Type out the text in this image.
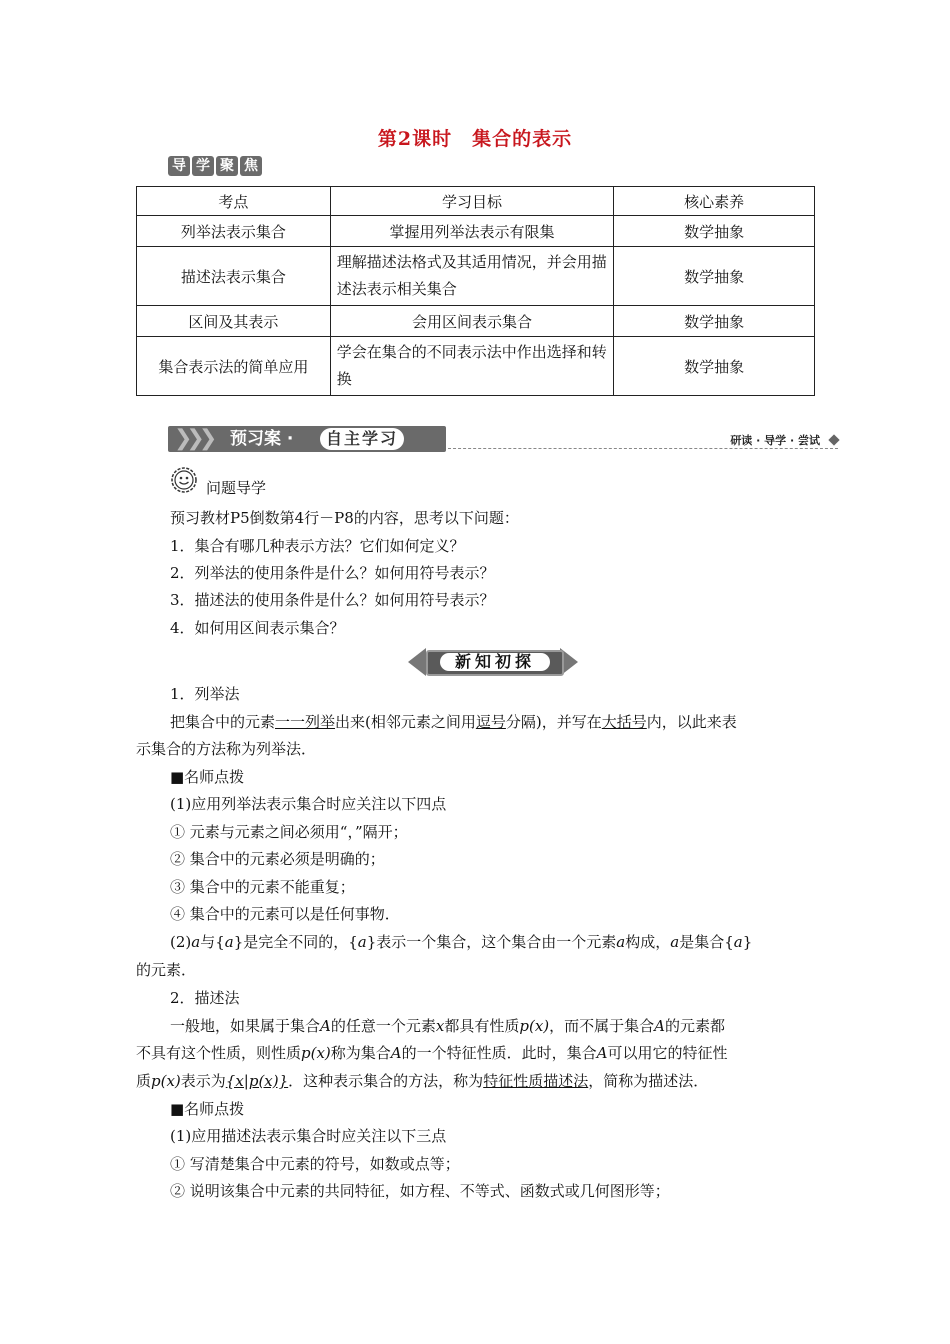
第2课时　集合的表示
导 学 聚 焦
考点	学习目标	核心素养
列举法表示集合	掌握用列举法表示有限集	数学抽象
描述法表示集合	理解描述法格式及其适用情况，并会用描述法表示相关集合	数学抽象
区间及其表示	会用区间表示集合	数学抽象
集合表示法的简单应用	学会在集合的不同表示法中作出选择和转换	数学抽象
❯❯❯ 预习案 ·	自主学习	研读 · 导学 · 尝试
问题导学
预习教材P5倒数第4行－P8的内容，思考以下问题：
1．集合有哪几种表示方法？它们如何定义？
2．列举法的使用条件是什么？如何用符号表示？
3．描述法的使用条件是什么？如何用符号表示？
4．如何用区间表示集合？
新知初探
1．列举法
把集合中的元素一一列举出来(相邻元素之间用逗号分隔)，并写在大括号内，以此来表
示集合的方法称为列举法．
■名师点拨
(1)应用列举法表示集合时应关注以下四点
① 元素与元素之间必须用“，”隔开；
② 集合中的元素必须是明确的；
③ 集合中的元素不能重复；
④ 集合中的元素可以是任何事物．
(2)a与{a}是完全不同的，{a}表示一个集合，这个集合由一个元素a构成，a是集合{a}
的元素．
2．描述法
一般地，如果属于集合A的任意一个元素x都具有性质p(x)，而不属于集合A的元素都
不具有这个性质，则性质p(x)称为集合A的一个特征性质．此时，集合A可以用它的特征性
质p(x)表示为{x|p(x)}．这种表示集合的方法，称为特征性质描述法，简称为描述法．
■名师点拨
(1)应用描述法表示集合时应关注以下三点
① 写清楚集合中元素的符号，如数或点等；
② 说明该集合中元素的共同特征，如方程、不等式、函数式或几何图形等；
